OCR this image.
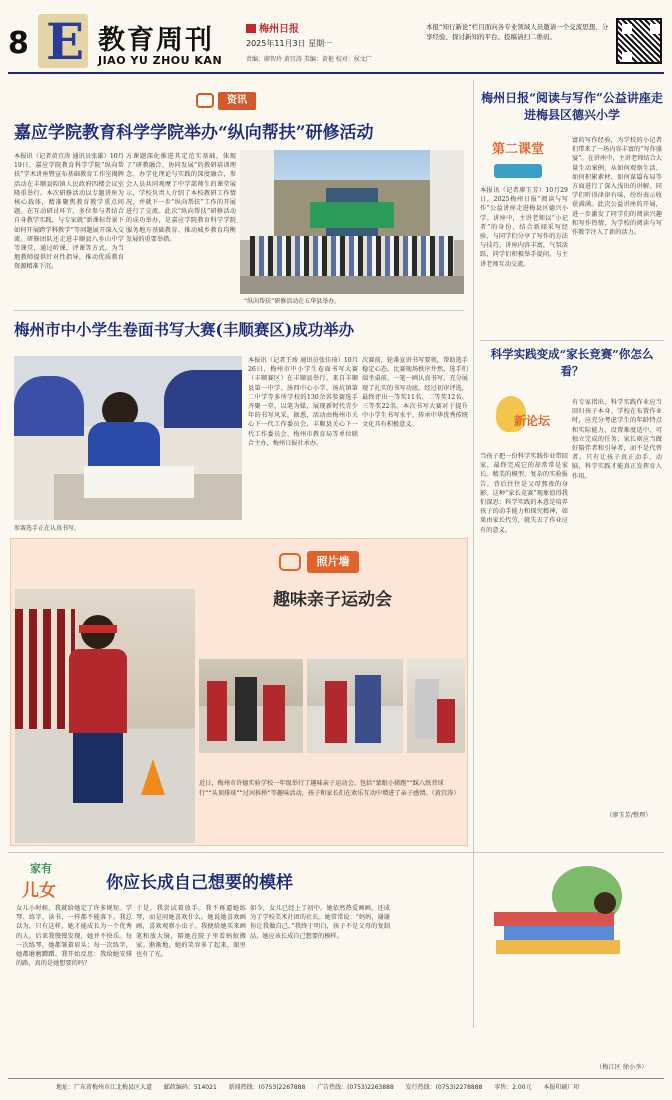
8 E 教育周刊
JIAO YU ZHOU KAN
梅州日报
2025年11月3日 星期一
责编：廖智玲 黄宜涛 美编：黄艳 校对：侯文广
本报“知行新论”栏目面向各专业领域人员邀请一个交流思想、分享经验、探讨新知的平台。投稿请扫二维码。
资讯
嘉应学院教育科学学院举办“纵向帮扶”研修活动
本报讯（记者黄宜涛 通讯员张雄）10月19日，嘉应学院教育科学学院“纵向帮扶”学术讲座暨宣布基础教育工作室揭牌活动在丰顺县隍镇人民政府四楼会议室隆重举行。本次研修活动以专题讲座为核心载体，精准聚焦教育教学重点问题。在互动研讨环节，多位参与者结合自身教学实践，与专家就“新课标背景下如何开展跨学科教学”等问题展开深入交流。研修团队还走进丰顺县八乡山中学等课堂，通过听课、评课等方式，为当地教师提供针对性指导，推动优质教育资源精准下沉。
方课题深化推进其定范实基础，体现了“研教融合、协同发展”的教研培训理念。办学化理论与实践的深度融合，参会人员共同观摩了中学部师生的课堂展示，学校负责人介绍了本校教研工作情况，并就下一步“纵向帮扶”工作的开展进行了交流。此次“纵向帮扶”研修活动的成功举办，是嘉应学院教育科学学院服务地方基础教育、推动城乡教育均衡发展的重要举措。
“纵向帮扶”研修活动在五华县举办。
梅州市中小学生卷面书写大赛(丰顺赛区)成功举办
参赛选手正在认真书写。
本报讯（记者王竣 通讯员张佳琦）10月26日，梅州市中小学生卷面书写大赛（丰顺赛区）在丰顺县举行。来自丰顺县第一中学、汤西中心小学、汤坑镇第二中学等多所学校的130余名参赛选手齐聚一堂，以笔为媒，展现新时代青少年的书写风采。据悉，活动由梅州市关心下一代工作委员会、丰顺县关心下一代工作委员会、梅州市教育局等单位联合主办，梅州日报社承办。
次赛前，轮番宣讲书写要领，帮助选手稳定心态。比赛现场秩序井然，选手们端坐桌前，一笔一画认真书写，充分展现了扎实的书写功底。经过初审评选，最终评出一等奖11名、二等奖12名、三等奖22名。本次书写大赛对于提升中小学生书写水平、传承中华优秀传统文化具有积极意义。
照片墙
趣味亲子运动会
近日，梅州市许德实验学校一年级举行了趣味亲子运动会。包括“蒙眼小猪跑”“踩八纸背球行”“头顶排球”“过河拆桥”等趣味活动，孩子和家长们在欢乐互动中增进了亲子感情。（黄宜涛）
梅州日报“阅读与写作”公益讲座走进梅县区德兴小学
第二课堂
本报讯（记者廖玉芳）10月29日，2025梅州日报“阅读与写作”公益讲座走进梅县区德兴小学。讲座中，主讲老师以“小记者”的身份，结合新闻采写经验，与同学们分享了写作的方法与技巧。讲座内容丰富，气氛活跃，同学们积极举手提问，与主讲老师互动交流。
富的写作经验，为学校的小记者们带来了一场内容丰富的“写作盛宴”。在讲座中，主讲老师结合大量生动案例，从如何观察生活、如何积累素材、如何谋篇布局等方面进行了深入浅出的讲解。同学们听得津津有味，纷纷表示收获满满。此次公益讲座的开展，进一步激发了同学们的阅读兴趣和写作热情，为学校的阅读与写作教学注入了新的活力。
科学实践变成“家长竞赛”你怎么看？
新论坛
当孩子把一份科学实践作业带回家，最终完成它的却常常是家长。精美的模型、复杂的实验报告，背后往往是父母熬夜的身影。这种“家长竞赛”现象值得我们深思：科学实践的本意是培养孩子的动手能力和探究精神，如果由家长代劳，就失去了作业应有的意义。
有专家指出，科学实践作业应当回归孩子本身。学校在布置作业时，应充分考虑学生的年龄特点和实际能力，设置难度适中、可独立完成的任务；家长则应当做好陪伴者和引导者，而不是代替者。只有让孩子真正动手、动脑，科学实践才能真正发挥育人作用。
（廖玉芳/整理）
家有
儿女	你应长成自己想要的模样
女儿小时候，我就给她定了许多规矩。学琴、练字、读书，一样都不能落下。我总以为，只有这样，她才能成长为一个优秀的人。后来我慢慢发现，她并不快乐。每一次练琴，她都皱着眉头；每一次练字，她都磨磨蹭蹭。我开始反思：我给她安排的路，真的是她想要的吗？
于是，我尝试着放手。我不再逼她练琴，而是问她喜欢什么。她说她喜欢画画，喜欢观察小虫子。我便给她买来画笔和放大镜，陪她在院子里看蚂蚁搬家。渐渐地，她的笑容多了起来，眼里也有了光。
如今，女儿已经上了初中。她依然热爱画画，还成为了学校美术社团的社长。她常常说：“妈妈，谢谢你让我做自己。”我终于明白，孩子不是父母的复制品，她应该长成自己想要的模样。
（梅江区 徐小李）
地址：广东省梅州市江北梅县区大道 邮政编码：514021 新闻热线：(0753)2267888 广告热线：(0753)2263888 发行热线：(0753)2278888 零售：2.00元 本报印刷厂印
